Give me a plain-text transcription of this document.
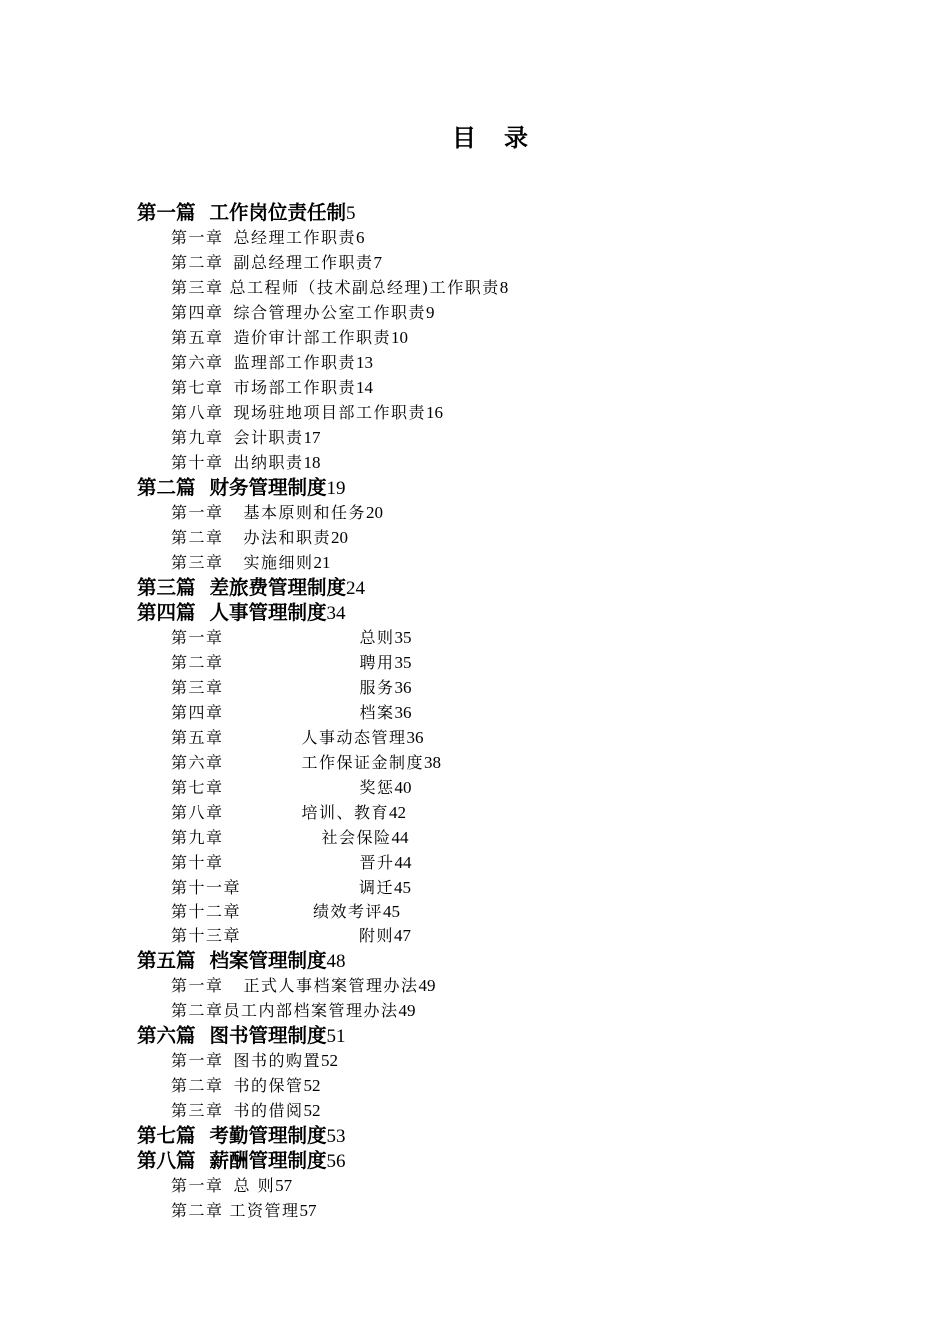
目 录
第一篇 工作岗位责任制5
第一章 总经理工作职责6
第二章 副总经理工作职责7
第三章 总工程师（技术副总经理)工作职责8
第四章 综合管理办公室工作职责9
第五章 造价审计部工作职责10
第六章 监理部工作职责13
第七章 市场部工作职责14
第八章 现场驻地项目部工作职责16
第九章 会计职责17
第十章 出纳职责18
第二篇 财务管理制度19
第一章 基本原则和任务20
第二章 办法和职责20
第三章 实施细则21
第三篇 差旅费管理制度24
第四篇 人事管理制度34
第一章	总则35
第二章	聘用35
第三章	服务36
第四章	档案36
第五章	人事动态管理36
第六章	工作保证金制度38
第七章	奖惩40
第八章	培训、教育42
第九章	社会保险44
第十章	晋升44
第十一章	调迁45
第十二章	绩效考评45
第十三章	附则47
第五篇 档案管理制度48
第一章 正式人事档案管理办法49
第二章员工内部档案管理办法49
第六篇 图书管理制度51
第一章 图书的购置52
第二章 书的保管52
第三章 书的借阅52
第七篇 考勤管理制度53
第八篇 薪酬管理制度56
第一章 总 则57
第二章 工资管理57
